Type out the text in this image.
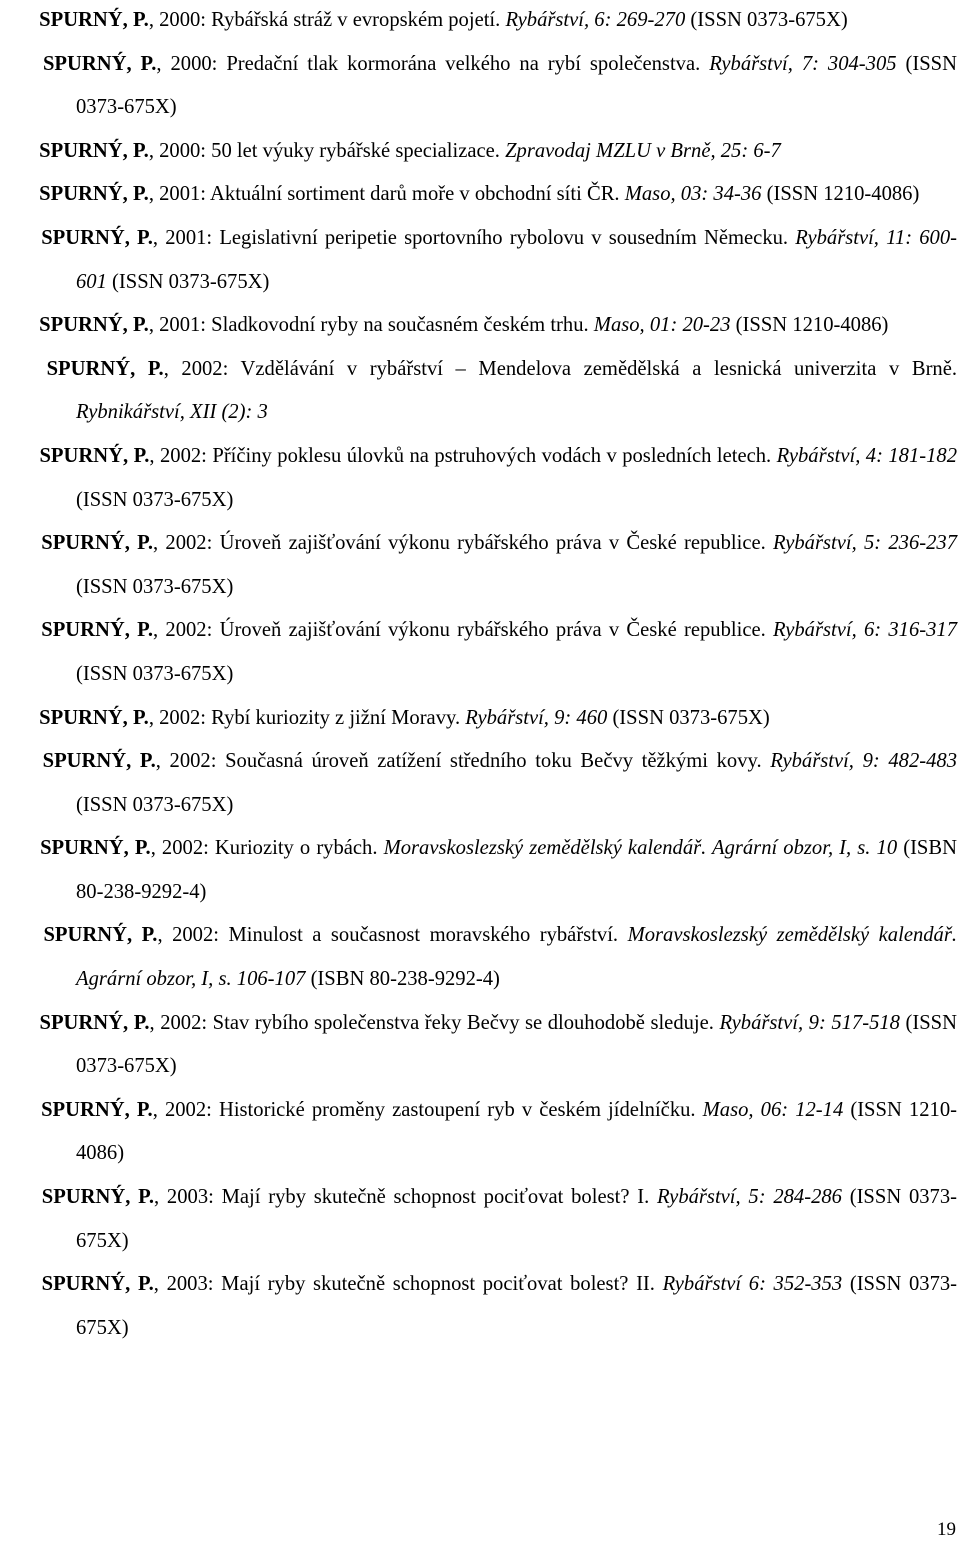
SPURNÝ, P., 2000: Rybářská stráž v evropském pojetí. Rybářství, 6: 269-270 (ISSN 0373-675X)

SPURNÝ, P., 2000: Predační tlak kormorána velkého na rybí společenstva. Rybářství, 7: 304-305 (ISSN 0373-675X)

SPURNÝ, P., 2000: 50 let výuky rybářské specializace. Zpravodaj MZLU v Brně, 25: 6-7

SPURNÝ, P., 2001: Aktuální sortiment darů moře v obchodní síti ČR. Maso, 03: 34-36 (ISSN 1210-4086)

SPURNÝ, P., 2001: Legislativní peripetie sportovního rybolovu v sousedním Německu. Rybářství, 11: 600-601 (ISSN 0373-675X)

SPURNÝ, P., 2001: Sladkovodní ryby na současném českém trhu. Maso, 01: 20-23 (ISSN 1210-4086)

SPURNÝ, P., 2002: Vzdělávání v rybářství – Mendelova zemědělská a lesnická univerzita v Brně. Rybnikářství, XII (2): 3

SPURNÝ, P., 2002: Příčiny poklesu úlovků na pstruhových vodách v posledních letech. Rybářství, 4: 181-182 (ISSN 0373-675X)

SPURNÝ, P., 2002: Úroveň zajišťování výkonu rybářského práva v České republice. Rybářství, 5: 236-237 (ISSN 0373-675X)

SPURNÝ, P., 2002: Úroveň zajišťování výkonu rybářského práva v České republice. Rybářství, 6: 316-317 (ISSN 0373-675X)

SPURNÝ, P., 2002: Rybí kuriozity z jižní Moravy. Rybářství, 9: 460 (ISSN 0373-675X)

SPURNÝ, P., 2002: Současná úroveň zatížení středního toku Bečvy těžkými kovy. Rybářství, 9: 482-483 (ISSN 0373-675X)

SPURNÝ, P., 2002: Kuriozity o rybách. Moravskoslezský zemědělský kalendář. Agrární obzor, I, s. 10 (ISBN 80-238-9292-4)

SPURNÝ, P., 2002: Minulost a současnost moravského rybářství. Moravskoslezský zemědělský kalendář. Agrární obzor, I, s. 106-107 (ISBN 80-238-9292-4)

SPURNÝ, P., 2002: Stav rybího společenstva řeky Bečvy se dlouhodobě sleduje. Rybářství, 9: 517-518 (ISSN 0373-675X)

SPURNÝ, P., 2002: Historické proměny zastoupení ryb v českém jídelníčku. Maso, 06: 12-14 (ISSN 1210-4086)

SPURNÝ, P., 2003: Mají ryby skutečně schopnost pociťovat bolest? I. Rybářství, 5: 284-286 (ISSN 0373-675X)

SPURNÝ, P., 2003: Mají ryby skutečně schopnost pociťovat bolest? II. Rybářství 6: 352-353 (ISSN 0373-675X)

19
